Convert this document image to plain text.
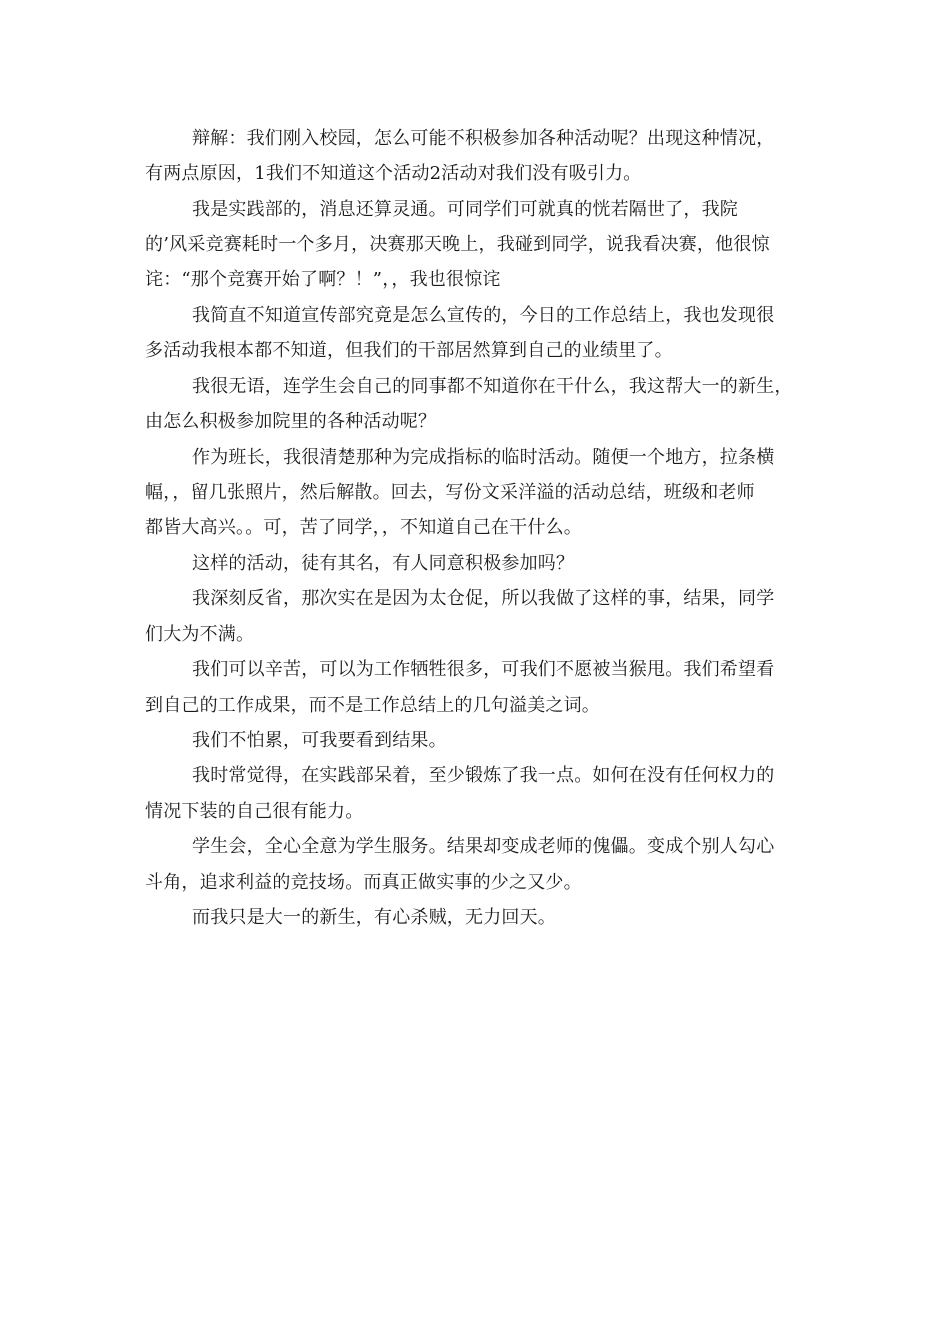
辩解：我们刚入校园，怎么可能不积极参加各种活动呢？出现这种情况，
有两点原因，1我们不知道这个活动2活动对我们没有吸引力。
我是实践部的，消息还算灵通。可同学们可就真的恍若隔世了，我院
的’风采竞赛耗时一个多月，决赛那天晚上，我碰到同学，说我看决赛，他很惊
诧：“那个竞赛开始了啊？！”，，我也很惊诧
我简直不知道宣传部究竟是怎么宣传的，今日的工作总结上，我也发现很
多活动我根本都不知道，但我们的干部居然算到自己的业绩里了。
我很无语，连学生会自己的同事都不知道你在干什么，我这帮大一的新生，
由怎么积极参加院里的各种活动呢？
作为班长，我很清楚那种为完成指标的临时活动。随便一个地方，拉条横
幅，，留几张照片，然后解散。回去，写份文采洋溢的活动总结，班级和老师
都皆大高兴。。可，苦了同学，，不知道自己在干什么。
这样的活动，徒有其名，有人同意积极参加吗？
我深刻反省，那次实在是因为太仓促，所以我做了这样的事，结果，同学
们大为不满。
我们可以辛苦，可以为工作牺牲很多，可我们不愿被当猴甩。我们希望看
到自己的工作成果，而不是工作总结上的几句溢美之词。
我们不怕累，可我要看到结果。
我时常觉得，在实践部呆着，至少锻炼了我一点。如何在没有任何权力的
情况下装的自己很有能力。
学生会，全心全意为学生服务。结果却变成老师的傀儡。变成个别人勾心
斗角，追求利益的竞技场。而真正做实事的少之又少。
而我只是大一的新生，有心杀贼，无力回天。
